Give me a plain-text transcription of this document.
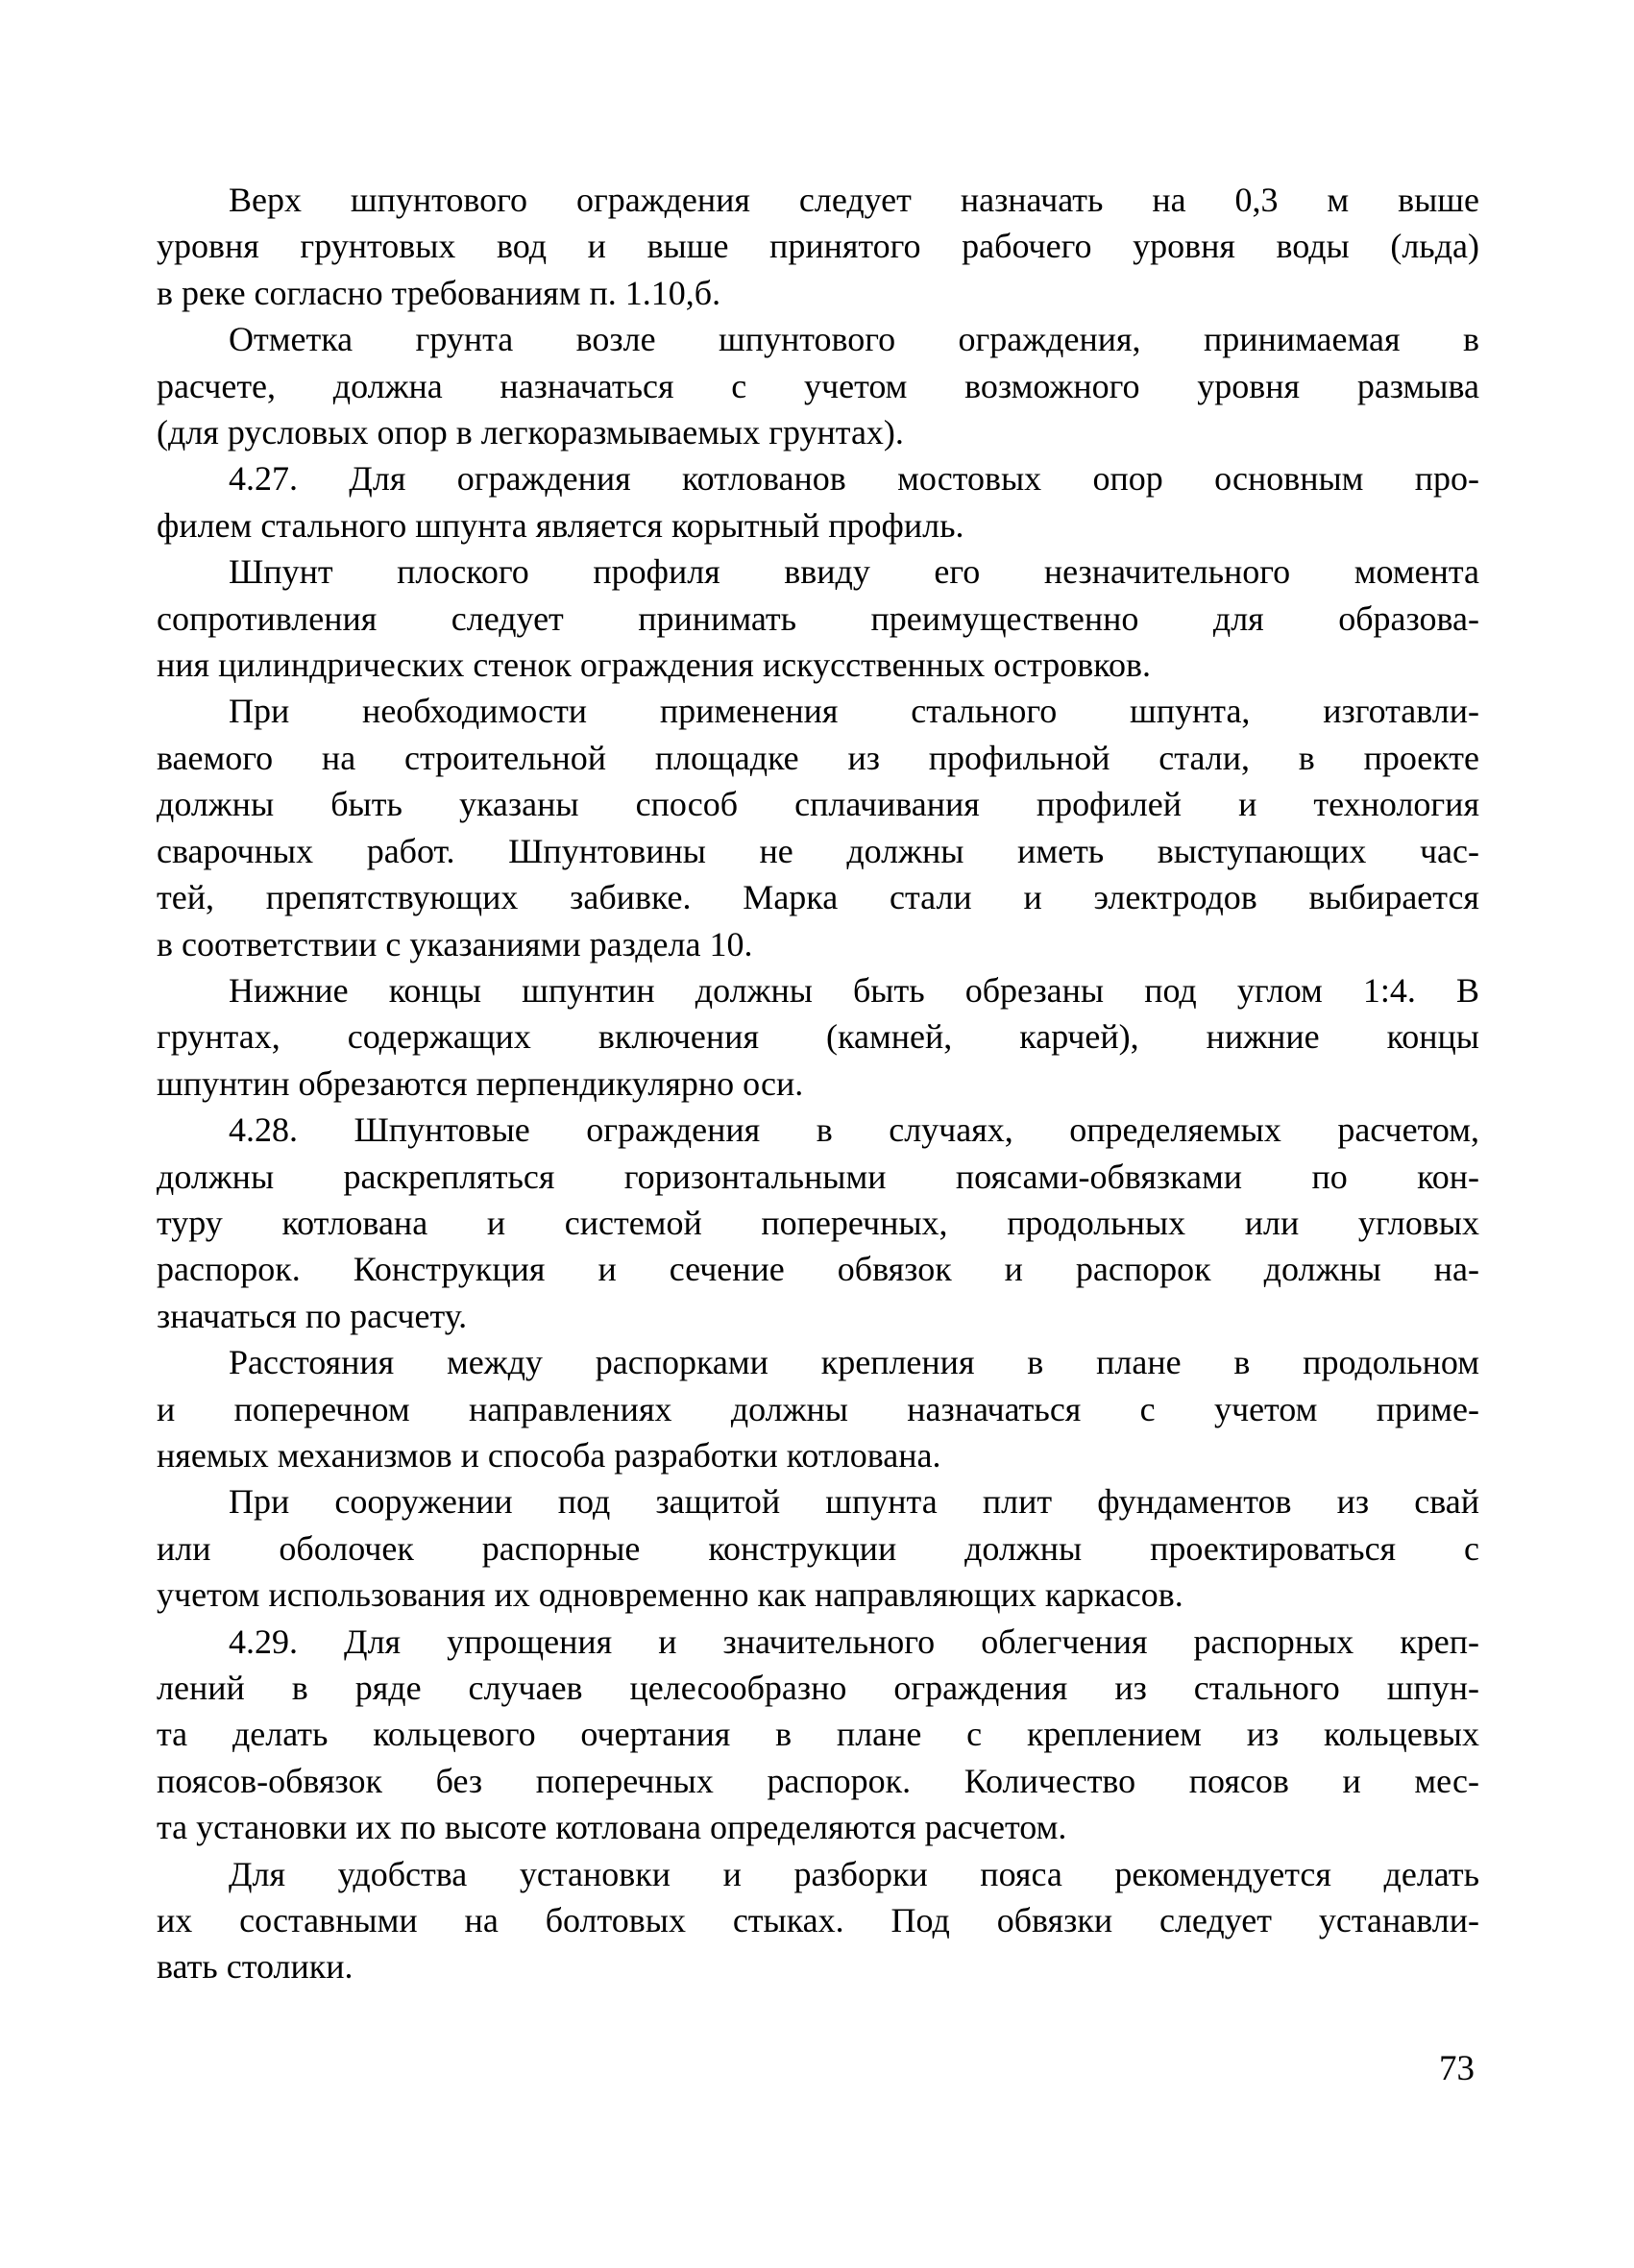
Верх шпунтового ограждения следует назначать на 0,3 м выше
уровня грунтовых вод и выше принятого рабочего уровня воды (льда)
в реке согласно требованиям п. 1.10,б.

Отметка грунта возле шпунтового ограждения, принимаемая в
расчете, должна назначаться с учетом возможного уровня размыва
(для русловых опор в легкоразмываемых грунтах).

4.27. Для ограждения котлованов мостовых опор основным про-
филем стального шпунта является корытный профиль.

Шпунт плоского профиля ввиду его незначительного момента
сопротивления следует принимать преимущественно для образова-
ния цилиндрических стенок ограждения искусственных островков.

При необходимости применения стального шпунта, изготавли-
ваемого на строительной площадке из профильной стали, в проекте
должны быть указаны способ сплачивания профилей и технология
сварочных работ. Шпунтовины не должны иметь выступающих час-
тей, препятствующих забивке. Марка стали и электродов выбирается
в соответствии с указаниями раздела 10.

Нижние концы шпунтин должны быть обрезаны под углом 1:4. В
грунтах, содержащих включения (камней, карчей), нижние концы
шпунтин обрезаются перпендикулярно оси.

4.28. Шпунтовые ограждения в случаях, определяемых расчетом,
должны раскрепляться горизонтальными поясами-обвязками по кон-
туру котлована и системой поперечных, продольных или угловых
распорок. Конструкция и сечение обвязок и распорок должны на-
значаться по расчету.

Расстояния между распорками крепления в плане в продольном
и поперечном направлениях должны назначаться с учетом приме-
няемых механизмов и способа разработки котлована.

При сооружении под защитой шпунта плит фундаментов из свай
или оболочек распорные конструкции должны проектироваться с
учетом использования их одновременно как направляющих каркасов.

4.29. Для упрощения и значительного облегчения распорных креп-
лений в ряде случаев целесообразно ограждения из стального шпун-
та делать кольцевого очертания в плане с креплением из кольцевых
поясов-обвязок без поперечных распорок. Количество поясов и мес-
та установки их по высоте котлована определяются расчетом.

Для удобства установки и разборки пояса рекомендуется делать
их составными на болтовых стыках. Под обвязки следует устанавли-
вать столики.

73
